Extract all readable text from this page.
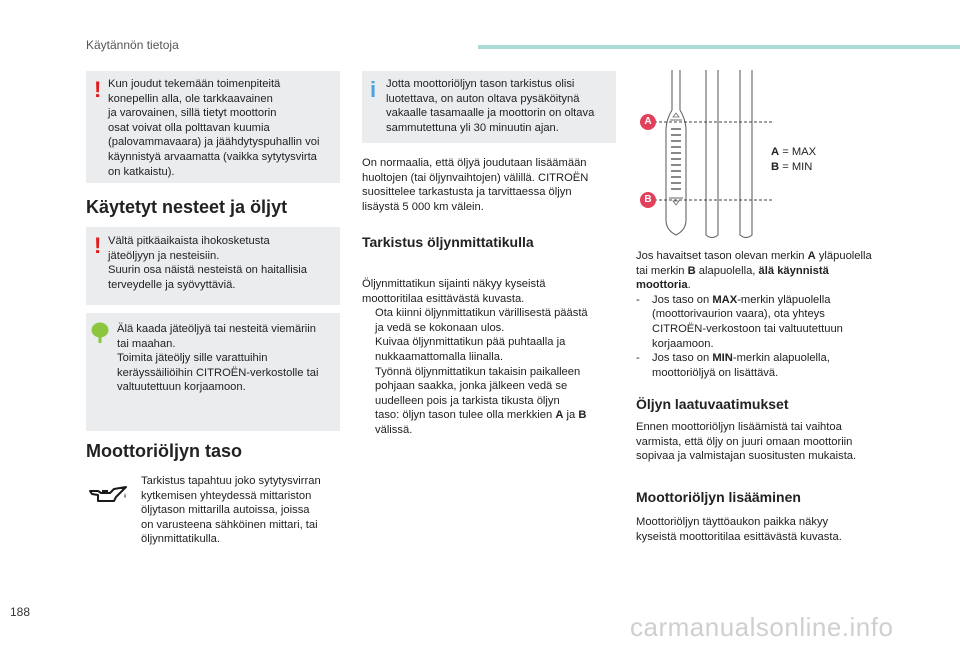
Käytännön tietoja
! Kun joudut tekemään toimenpiteitä
konepellin alla, ole tarkkaavainen
ja varovainen, sillä tietyt moottorin
osat voivat olla polttavan kuumia
(palovammavaara) ja jäähdytyspuhallin voi
käynnistyä arvaamatta (vaikka sytytysvirta
on katkaistu).
Käytetyt nesteet ja öljyt
! Vältä pitkäaikaista ihokosketusta
jäteöljyyn ja nesteisiin.
Suurin osa näistä nesteistä on haitallisia
terveydelle ja syövyttäviä.
Älä kaada jäteöljyä tai nesteitä viemäriin
tai maahan.
Toimita jäteöljy sille varattuihin
keräyssäiliöihin CITROËN-verkostolle tai
valtuutettuun korjaamoon.
Moottoriöljyn taso
Tarkistus tapahtuu joko sytytysvirran
kytkemisen yhteydessä mittariston
öljytason mittarilla autoissa, joissa
on varusteena sähköinen mittari, tai
öljynmittatikulla.
i Jotta moottoriöljyn tason tarkistus olisi
luotettava, on auton oltava pysäköitynä
vakaalle tasamaalle ja moottorin on oltava
sammutettuna yli 30 minuutin ajan.
On normaalia, että öljyä joudutaan lisäämään
huoltojen (tai öljynvaihtojen) välillä. CITROËN
suosittelee tarkastusta ja tarvittaessa öljyn
lisäystä 5 000 km välein.
Tarkistus öljynmittatikulla
Öljynmittatikun sijainti näkyy kyseistä
moottoritilaa esittävästä kuvasta.
Ota kiinni öljynmittatikun värillisestä päästä
ja vedä se kokonaan ulos.
Kuivaa öljynmittatikun pää puhtaalla ja
nukkaamattomalla liinalla.
Työnnä öljynmittatikun takaisin paikalleen
pohjaan saakka, jonka jälkeen vedä se
uudelleen pois ja tarkista tikusta öljyn
taso: öljyn tason tulee olla merkkien A ja B
välissä.
A
B
A = MAX
B = MIN
Jos havaitset tason olevan merkin A yläpuolella
tai merkin B alapuolella, älä käynnistä
moottoria.
- Jos taso on MAX-merkin yläpuolella
(moottorivaurion vaara), ota yhteys
CITROËN-verkostoon tai valtuutettuun
korjaamoon.
- Jos taso on MIN-merkin alapuolella,
moottoriöljyä on lisättävä.
Öljyn laatuvaatimukset
Ennen moottoriöljyn lisäämistä tai vaihtoa
varmista, että öljy on juuri omaan moottoriin
sopivaa ja valmistajan suositusten mukaista.
Moottoriöljyn lisääminen
Moottoriöljyn täyttöaukon paikka näkyy
kyseistä moottoritilaa esittävästä kuvasta.
188	carmanualsonline.info
